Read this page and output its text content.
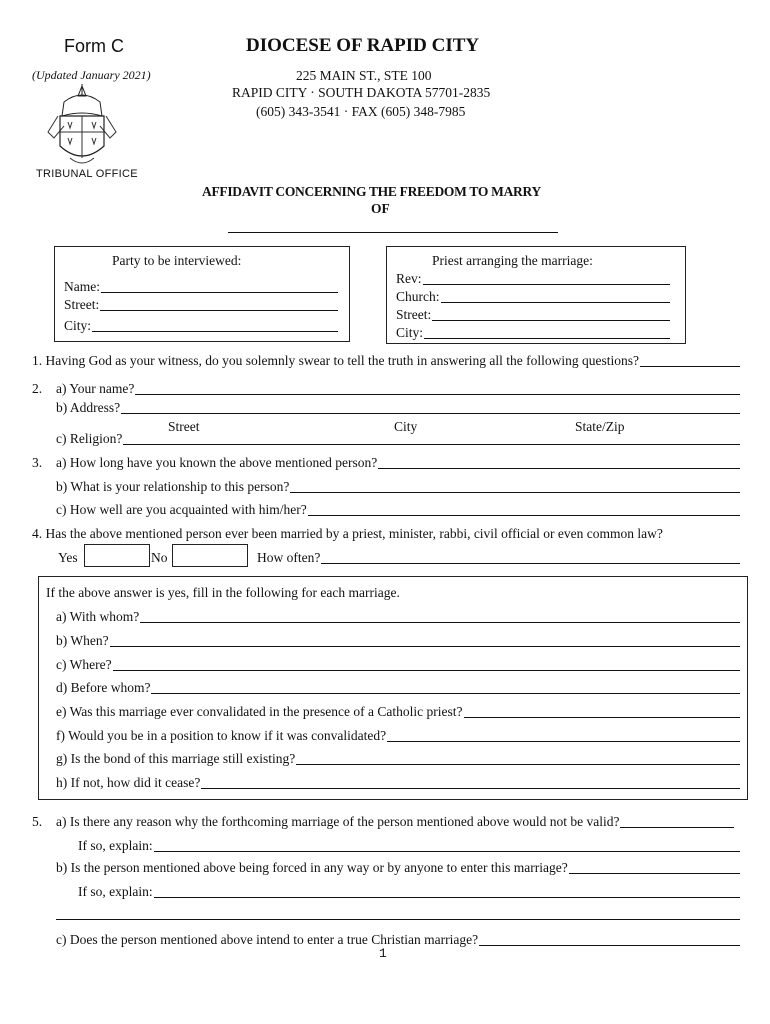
Form C
(Updated January 2021)
DIOCESE OF RAPID CITY
225 MAIN ST., STE 100
RAPID CITY · SOUTH DAKOTA 57701-2835
(605) 343-3541 · FAX (605) 348-7985
TRIBUNAL OFFICE
AFFIDAVIT CONCERNING THE FREEDOM TO MARRY
OF
Party to be interviewed:
Name:
Street:
City:
Priest arranging the marriage:
Rev:
Church:
Street:
City:
1. Having God as your witness, do you solemnly swear to tell the truth in answering all the following questions?
2. a) Your name?
b) Address?
Street	City	State/Zip
c) Religion?
3. a) How long have you known the above mentioned person?
b) What is your relationship to this person?
c) How well are you acquainted with him/her?
4. Has the above mentioned person ever been married by a priest, minister, rabbi, civil official or even common law?
Yes	No	How often?
If the above answer is yes, fill in the following for each marriage.
a) With whom?
b) When?
c) Where?
d) Before whom?
e) Was this marriage ever convalidated in the presence of a Catholic priest?
f) Would you be in a position to know if it was convalidated?
g) Is the bond of this marriage still existing?
h) If not, how did it cease?
5. a) Is there any reason why the forthcoming marriage of the person mentioned above would not be valid?
If so, explain:
b) Is the person mentioned above being forced in any way or by anyone to enter this marriage?
If so, explain:
c) Does the person mentioned above intend to enter a true Christian marriage?
1
